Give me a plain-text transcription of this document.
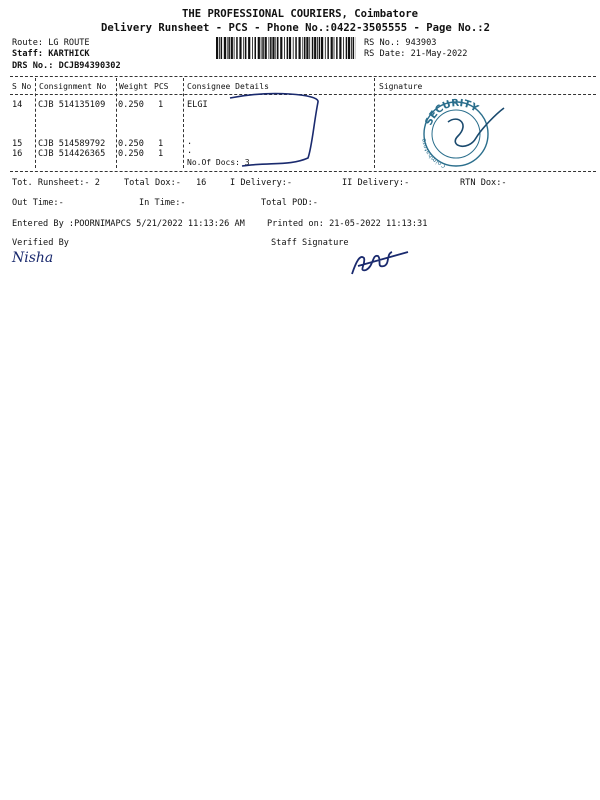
THE PROFESSIONAL COURIERS, Coimbatore
Delivery Runsheet - PCS - Phone No.:0422-3505555 - Page No.:2
Route: LG ROUTE
Staff: KARTHICK
DRS No.: DCJB94390302
RS No.: 943903
RS Date: 21-May-2022
S No Consignment No Weight PCS Consignee Details	Signature
14 CJB 514135109 0.250 1	ELGI
15 CJB 514589792 0.250 1	.
16 CJB 514426365 0.250 1	.
No.Of Docs: 3
SECURITY
Coimbatore
Tot. Runsheet:- 2	Total Dox:- 16	I Delivery:-	II Delivery:-	RTN Dox:-
Out Time:-	In Time:-	Total POD:-
Entered By :POORNIMAPCS 5/21/2022 11:13:26 AM	Printed on: 21-05-2022 11:13:31
Verified By	Staff Signature
Nisha
